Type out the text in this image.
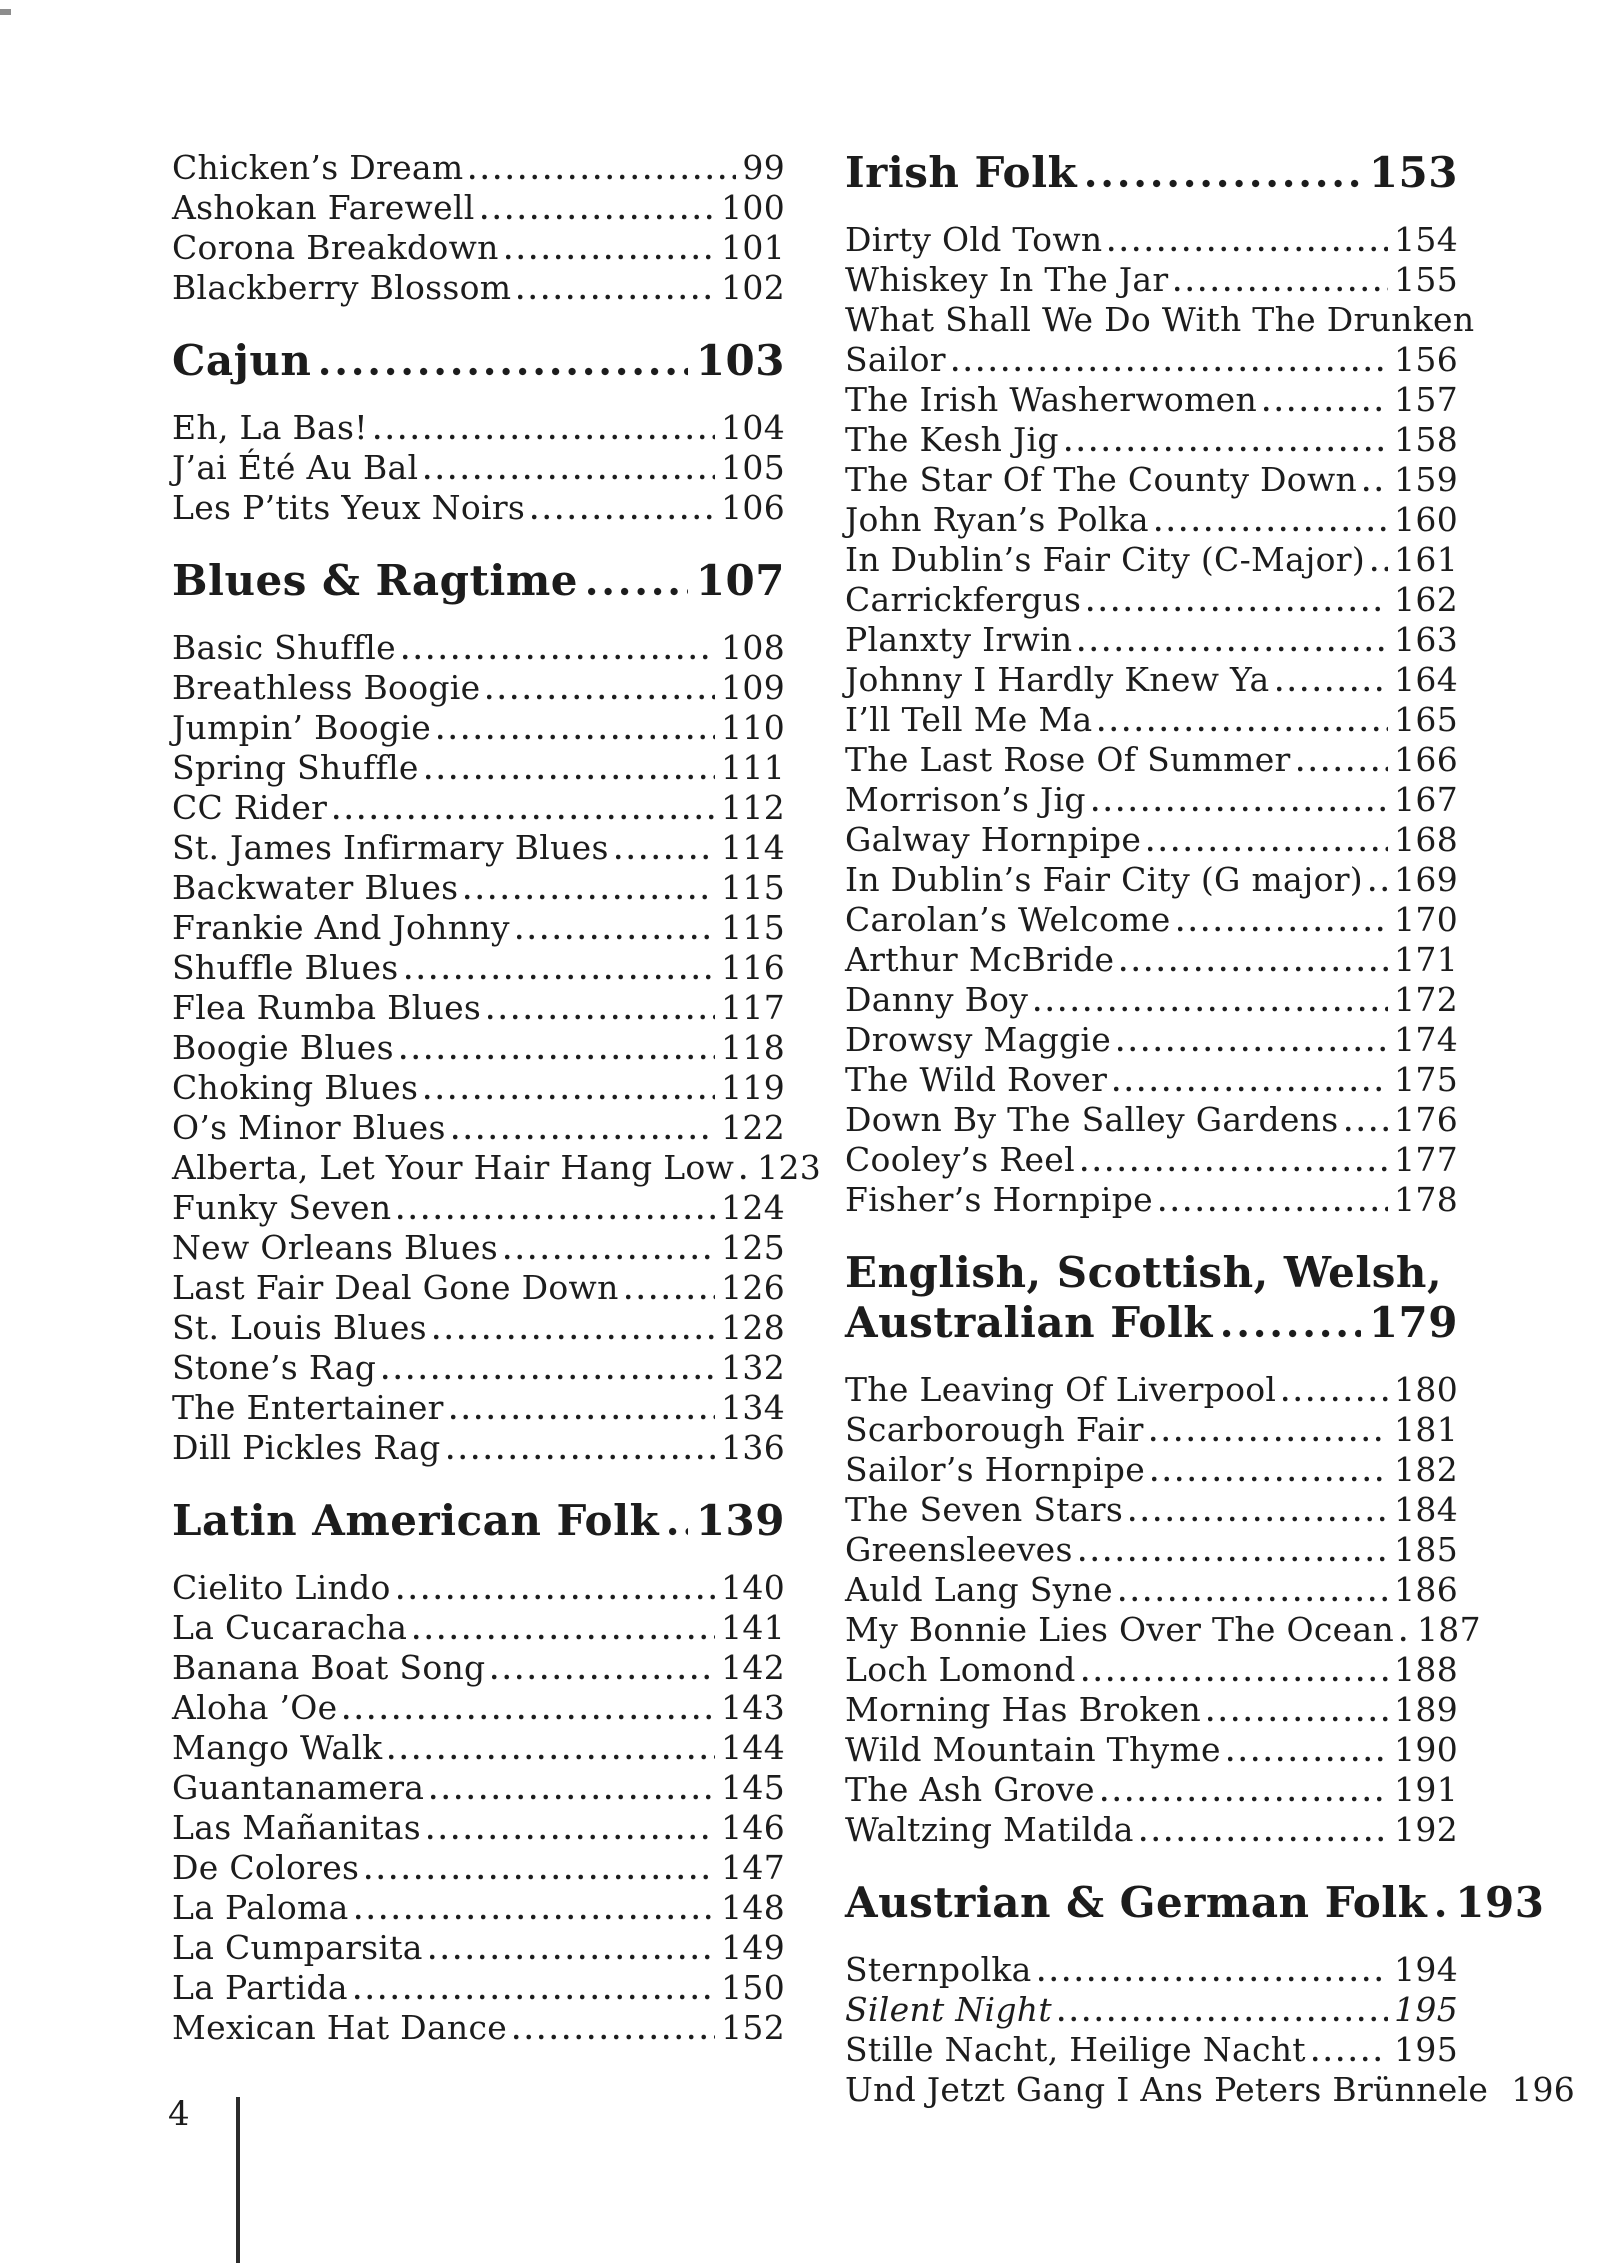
Chicken’s Dream	99
Ashokan Farewell	100
Corona Breakdown	101
Blackberry Blossom	102
Cajun	103
Eh, La Bas!	104
J’ai Été Au Bal	105
Les P’tits Yeux Noirs	106
Blues & Ragtime	107
Basic Shuffle	108
Breathless Boogie	109
Jumpin’ Boogie	110
Spring Shuffle	111
CC Rider	112
St. James Infirmary Blues	114
Backwater Blues	115
Frankie And Johnny	115
Shuffle Blues	116
Flea Rumba Blues	117
Boogie Blues	118
Choking Blues	119
O’s Minor Blues	122
Alberta, Let Your Hair Hang Low 123
Funky Seven	124
New Orleans Blues	125
Last Fair Deal Gone Down	126
St. Louis Blues	128
Stone’s Rag	132
The Entertainer	134
Dill Pickles Rag	136
Latin American Folk 139
Cielito Lindo	140
La Cucaracha	141
Banana Boat Song	142
Aloha ’Oe	143
Mango Walk	144
Guantanamera	145
Las Mañanitas	146
De Colores	147
La Paloma	148
La Cumparsita	149
La Partida	150
Mexican Hat Dance	152
Irish Folk	153
Dirty Old Town	154
Whiskey In The Jar	155
What Shall We Do With The Drunken
Sailor	156
The Irish Washerwomen	157
The Kesh Jig	158
The Star Of The County Down 159
John Ryan’s Polka	160
In Dublin’s Fair City (C-Major) 161
Carrickfergus	162
Planxty Irwin	163
Johnny I Hardly Knew Ya	164
I’ll Tell Me Ma	165
The Last Rose Of Summer	166
Morrison’s Jig	167
Galway Hornpipe	168
In Dublin’s Fair City (G major) 169
Carolan’s Welcome	170
Arthur McBride	171
Danny Boy	172
Drowsy Maggie	174
The Wild Rover	175
Down By The Salley Gardens 176
Cooley’s Reel	177
Fisher’s Hornpipe	178
English, Scottish, Welsh,
Australian Folk	179
The Leaving Of Liverpool	180
Scarborough Fair	181
Sailor’s Hornpipe	182
The Seven Stars	184
Greensleeves	185
Auld Lang Syne	186
My Bonnie Lies Over The Ocean 187
Loch Lomond	188
Morning Has Broken	189
Wild Mountain Thyme	190
The Ash Grove	191
Waltzing Matilda	192
Austrian & German Folk 193
Sternpolka	194
Silent Night	195
Stille Nacht, Heilige Nacht	195
Und Jetzt Gang I Ans Peters Brünnele 196
4
